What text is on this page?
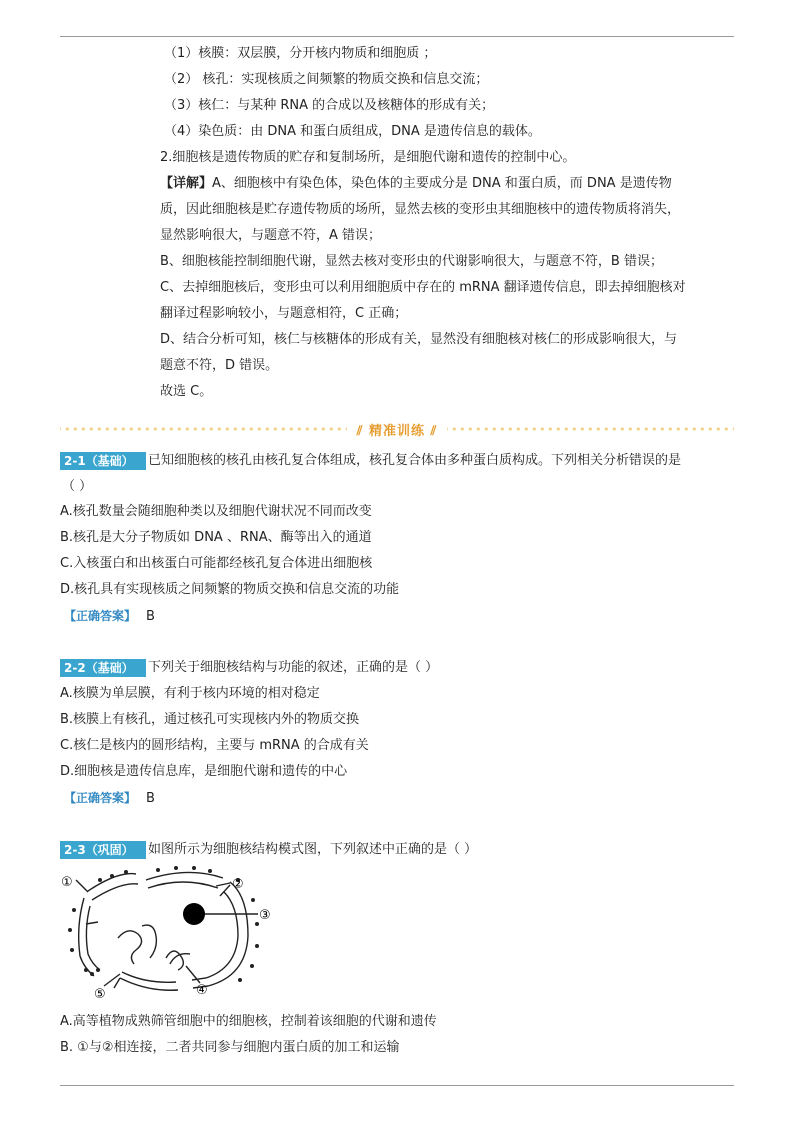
（1）核膜：双层膜，分开核内物质和细胞质 ；
（2） 核孔：实现核质之间频繁的物质交换和信息交流；
（3）核仁：与某种 RNA 的合成以及核糖体的形成有关；
（4）染色质：由 DNA 和蛋白质组成，DNA 是遗传信息的载体。
2.细胞核是遗传物质的贮存和复制场所，是细胞代谢和遗传的控制中心。
【详解】A、细胞核中有染色体，染色体的主要成分是 DNA 和蛋白质，而 DNA 是遗传物
质，因此细胞核是贮存遗传物质的场所，显然去核的变形虫其细胞核中的遗传物质将消失，
显然影响很大，与题意不符，A 错误；
B、细胞核能控制细胞代谢，显然去核对变形虫的代谢影响很大，与题意不符，B 错误；
C、去掉细胞核后，变形虫可以利用细胞质中存在的 mRNA 翻译遗传信息，即去掉细胞核对
翻译过程影响较小，与题意相符，C 正确；
D、结合分析可知，核仁与核糖体的形成有关，显然没有细胞核对核仁的形成影响很大，与
题意不符，D 错误。
故选 C。
⫽ 精准训练 ⫽
2-1（基础）	已知细胞核的核孔由核孔复合体组成，核孔复合体由多种蛋白质构成。下列相关分析错误的是
（ ）
A.核孔数量会随细胞种类以及细胞代谢状况不同而改变
B.核孔是大分子物质如 DNA 、RNA、酶等出入的通道
C.入核蛋白和出核蛋白可能都经核孔复合体进出细胞核
D.核孔具有实现核质之间频繁的物质交换和信息交流的功能
【正确答案】 B
2-2（基础）	下列关于细胞核结构与功能的叙述，正确的是（ ）
A.核膜为单层膜，有利于核内环境的相对稳定
B.核膜上有核孔，通过核孔可实现核内外的物质交换
C.核仁是核内的圆形结构，主要与 mRNA 的合成有关
D.细胞核是遗传信息库，是细胞代谢和遗传的中心
【正确答案】 B
2-3（巩固）	如图所示为细胞核结构模式图，下列叙述中正确的是（ ）
①	②
③
④
⑤
A.高等植物成熟筛管细胞中的细胞核，控制着该细胞的代谢和遗传
B. ①与②相连接，二者共同参与细胞内蛋白质的加工和运输
